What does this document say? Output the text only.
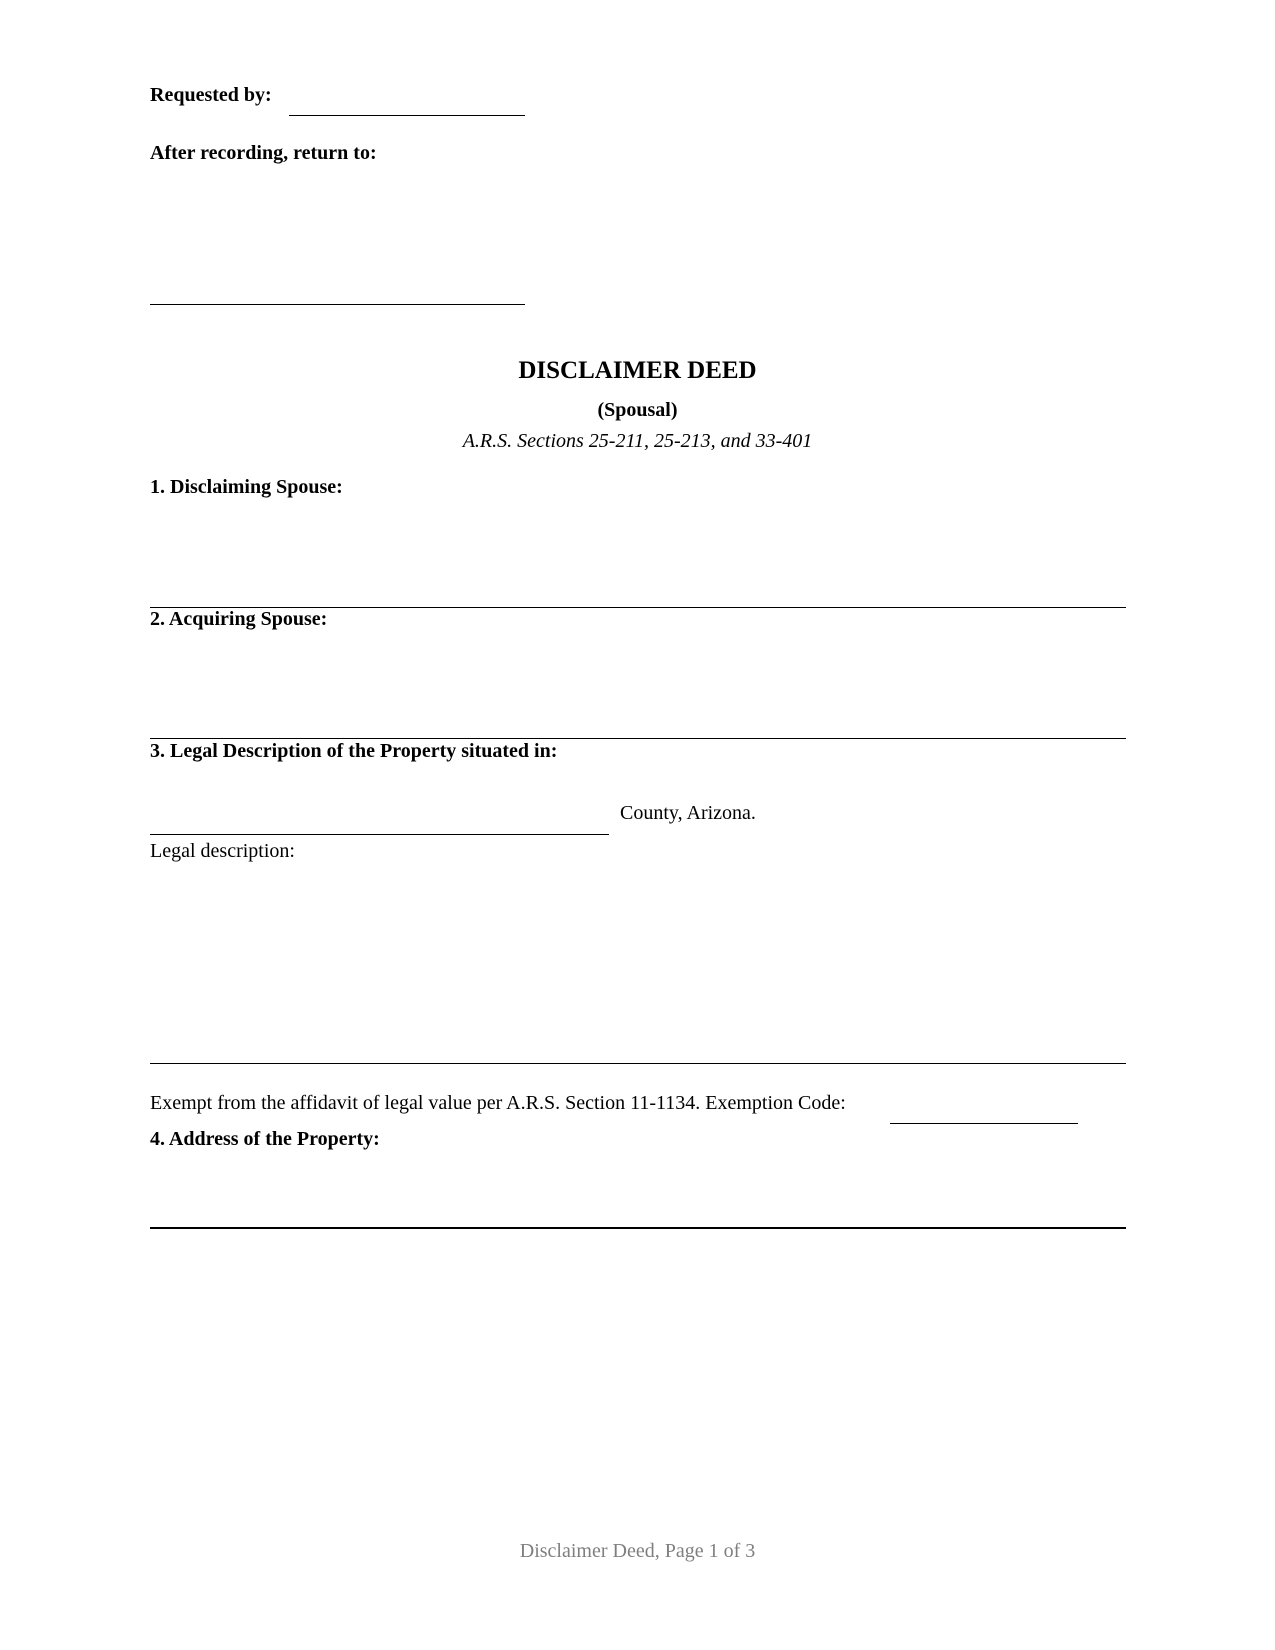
Requested by:
After recording, return to:
DISCLAIMER DEED
(Spousal)
A.R.S. Sections 25-211, 25-213, and 33-401
1. Disclaiming Spouse:
2. Acquiring Spouse:
3. Legal Description of the Property situated in:
County, Arizona.
Legal description:
Exempt from the affidavit of legal value per A.R.S. Section 11-1134. Exemption Code:
4. Address of the Property:
Disclaimer Deed, Page 1 of 3
